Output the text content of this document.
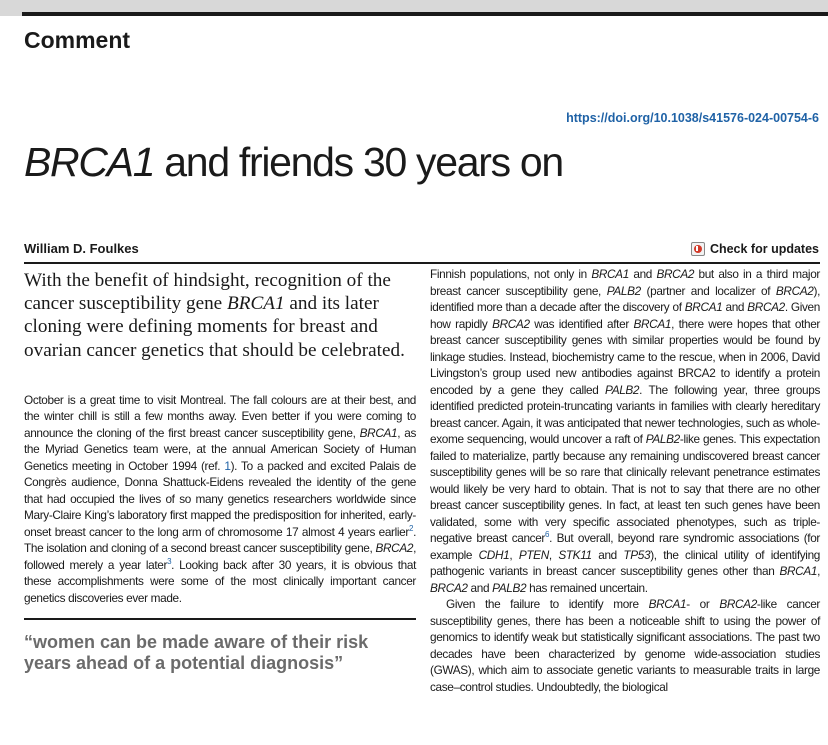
Comment
https://doi.org/10.1038/s41576-024-00754-6
BRCA1 and friends 30 years on
William D. Foulkes	Check for updates

With the benefit of hindsight, recognition of the cancer susceptibility gene BRCA1 and its later cloning were defining moments for breast and ovarian cancer genetics that should be celebrated.

October is a great time to visit Montreal. The fall colours are at their best, and the winter chill is still a few months away. Even better if you were coming to announce the cloning of the first breast cancer susceptibility gene, BRCA1, as the Myriad Genetics team were, at the annual American Society of Human Genetics meeting in October 1994 (ref. 1). To a packed and excited Palais de Congrès audience, Donna Shattuck-Eidens revealed the identity of the gene that had occupied the lives of so many genetics researchers worldwide since Mary-Claire King’s laboratory first mapped the predisposition for inherited, early-onset breast cancer to the long arm of chromosome 17 almost 4 years earlier$^2$. The isolation and cloning of a second breast cancer susceptibility gene, BRCA2, followed merely a year later$^3$. Looking back after 30 years, it is obvious that these accomplishments were some of the most clinically important cancer genetics discoveries ever made.

“women can be made aware of their risk years ahead of a potential diagnosis”

Finnish populations, not only in BRCA1 and BRCA2 but also in a third major breast cancer susceptibility gene, PALB2 (partner and localizer of BRCA2), identified more than a decade after the discovery of BRCA1 and BRCA2. Given how rapidly BRCA2 was identified after BRCA1, there were hopes that other breast cancer susceptibility genes with similar properties would be found by linkage studies. Instead, biochemistry came to the rescue, when in 2006, David Livingston’s group used new antibodies against BRCA2 to identify a protein encoded by a gene they called PALB2. The following year, three groups identified predicted protein-truncating variants in families with clearly hereditary breast cancer. Again, it was anticipated that newer technologies, such as whole-exome sequencing, would uncover a raft of PALB2-like genes. This expectation failed to materialize, partly because any remaining undiscovered breast cancer susceptibility genes will be so rare that clinically relevant penetrance estimates would likely be very hard to obtain. That is not to say that there are no other breast cancer susceptibility genes. In fact, at least ten such genes have been validated, some with very specific associated phenotypes, such as triple-negative breast cancer$^6$. But overall, beyond rare syndromic associations (for example CDH1, PTEN, STK11 and TP53), the clinical utility of identifying pathogenic variants in breast cancer susceptibility genes other than BRCA1, BRCA2 and PALB2 has remained uncertain.

Given the failure to identify more BRCA1- or BRCA2-like cancer susceptibility genes, there has been a noticeable shift to using the power of genomics to identify weak but statistically significant associations. The past two decades have been characterized by genome wide-association studies (GWAS), which aim to associate genetic variants to measurable traits in large case–control studies. Undoubtedly, the biological
